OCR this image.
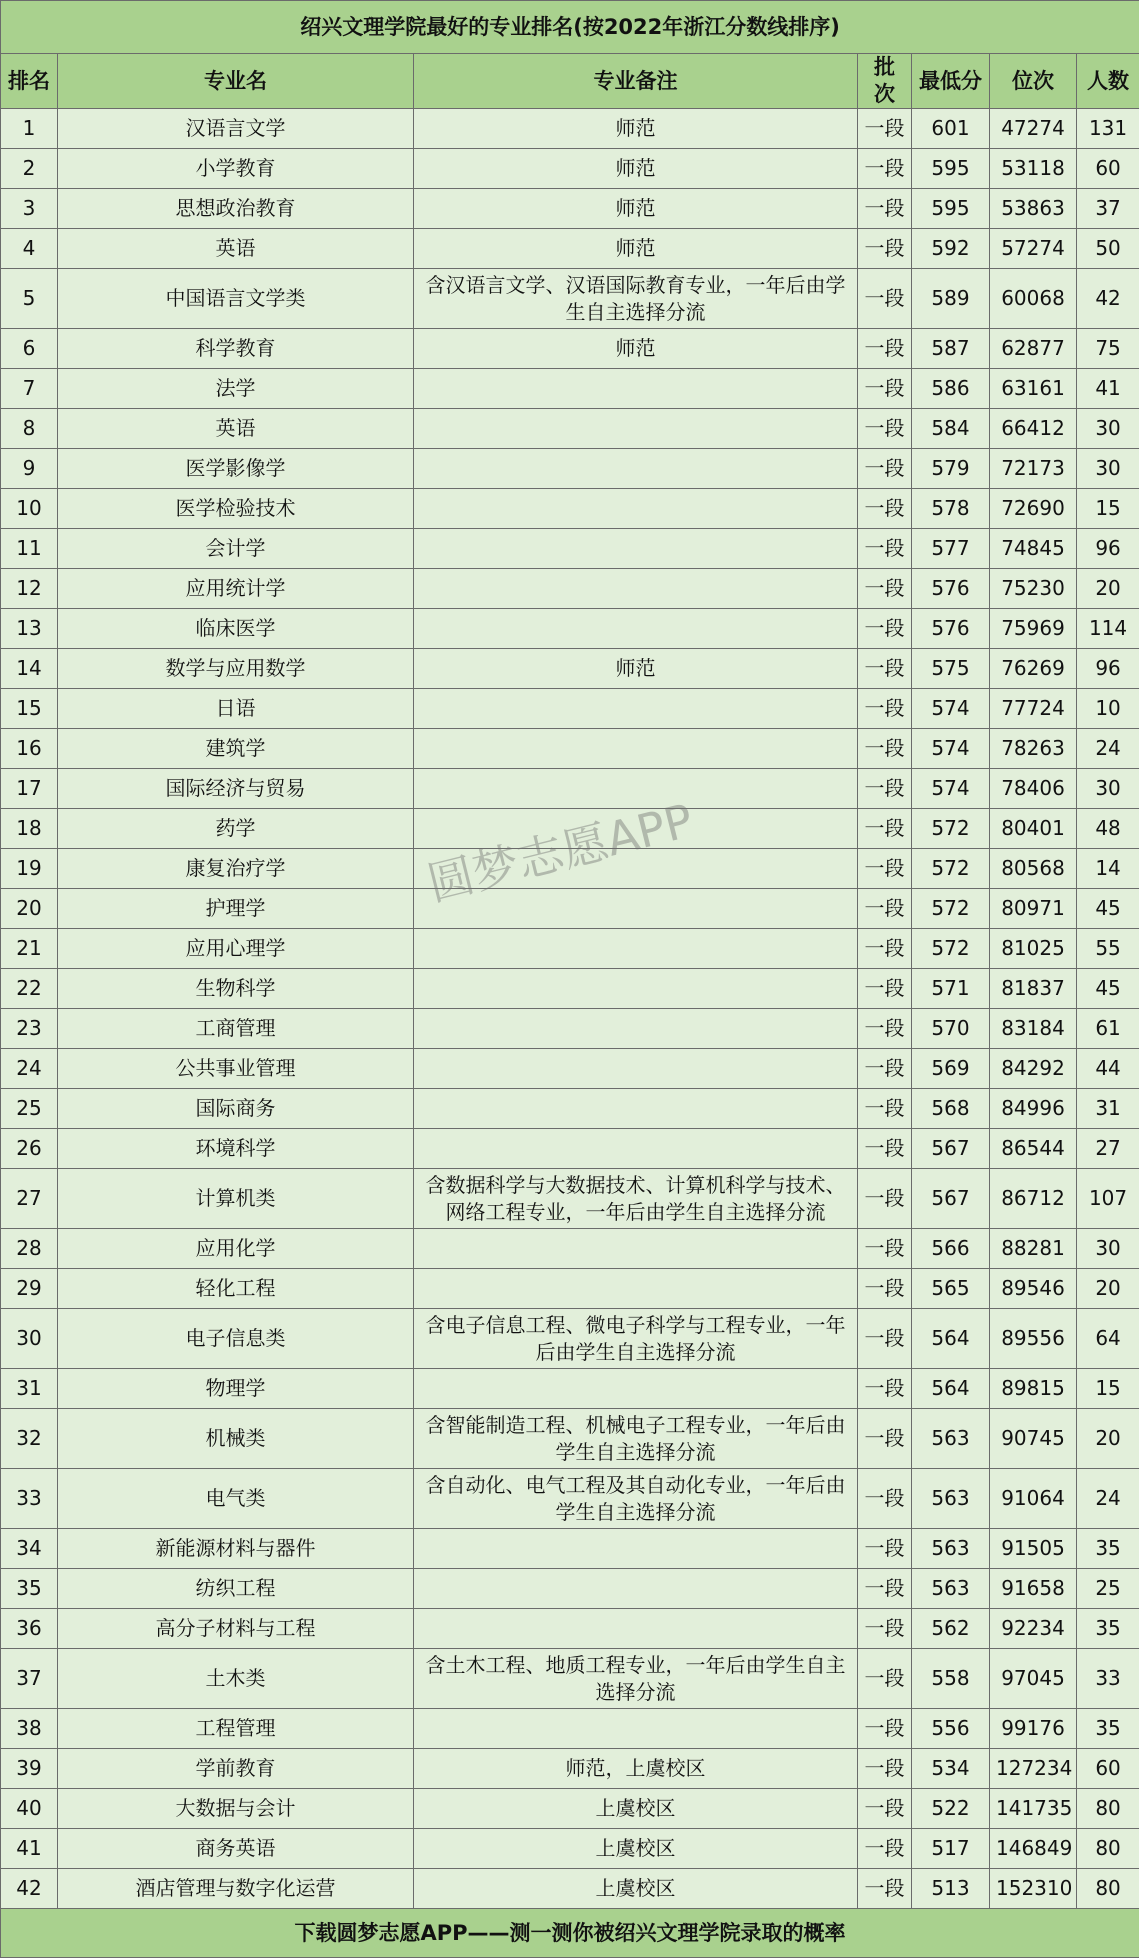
绍兴文理学院最好的专业排名(按2022年浙江分数线排序)						
排名	专业名	专业备注	批次	最低分	位次	人数
1	汉语言文学	师范	一段	601	47274	131
2	小学教育	师范	一段	595	53118	60
3	思想政治教育	师范	一段	595	53863	37
4	英语	师范	一段	592	57274	50
5	中国语言文学类	含汉语言文学、汉语国际教育专业，一年后由学生自主选择分流	一段	589	60068	42
6	科学教育	师范	一段	587	62877	75
7	法学		一段	586	63161	41
8	英语		一段	584	66412	30
9	医学影像学		一段	579	72173	30
10	医学检验技术		一段	578	72690	15
11	会计学		一段	577	74845	96
12	应用统计学		一段	576	75230	20
13	临床医学		一段	576	75969	114
14	数学与应用数学	师范	一段	575	76269	96
15	日语		一段	574	77724	10
16	建筑学		一段	574	78263	24
17	国际经济与贸易		一段	574	78406	30
18	药学		一段	572	80401	48
19	康复治疗学		一段	572	80568	14
20	护理学		一段	572	80971	45
21	应用心理学		一段	572	81025	55
22	生物科学		一段	571	81837	45
23	工商管理		一段	570	83184	61
24	公共事业管理		一段	569	84292	44
25	国际商务		一段	568	84996	31
26	环境科学		一段	567	86544	27
27	计算机类	含数据科学与大数据技术、计算机科学与技术、网络工程专业，一年后由学生自主选择分流	一段	567	86712	107
28	应用化学		一段	566	88281	30
29	轻化工程		一段	565	89546	20
30	电子信息类	含电子信息工程、微电子科学与工程专业，一年后由学生自主选择分流	一段	564	89556	64
31	物理学		一段	564	89815	15
32	机械类	含智能制造工程、机械电子工程专业，一年后由学生自主选择分流	一段	563	90745	20
33	电气类	含自动化、电气工程及其自动化专业，一年后由学生自主选择分流	一段	563	91064	24
34	新能源材料与器件		一段	563	91505	35
35	纺织工程		一段	563	91658	25
36	高分子材料与工程		一段	562	92234	35
37	土木类	含土木工程、地质工程专业，一年后由学生自主选择分流	一段	558	97045	33
38	工程管理		一段	556	99176	35
39	学前教育	师范，上虞校区	一段	534	127234	60
40	大数据与会计	上虞校区	一段	522	141735	80
41	商务英语	上虞校区	一段	517	146849	80
42	酒店管理与数字化运营	上虞校区	一段	513	152310	80
下载圆梦志愿APP——测一测你被绍兴文理学院录取的概率						
圆梦志愿APP
